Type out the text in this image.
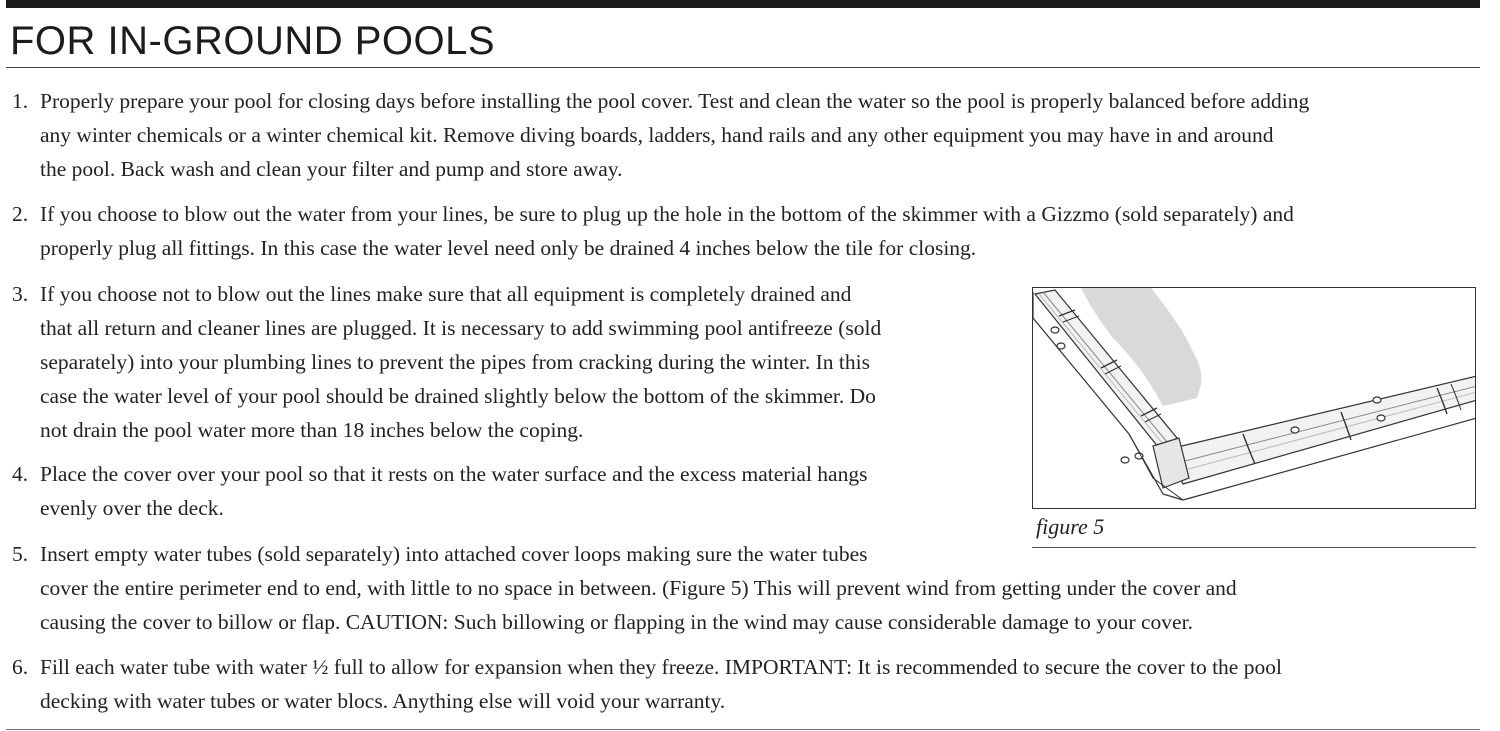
FOR IN-GROUND POOLS
1. Properly prepare your pool for closing days before installing the pool cover. Test and clean the water so the pool is properly balanced before adding
any winter chemicals or a winter chemical kit. Remove diving boards, ladders, hand rails and any other equipment you may have in and around
the pool. Back wash and clean your filter and pump and store away.
2. If you choose to blow out the water from your lines, be sure to plug up the hole in the bottom of the skimmer with a Gizzmo (sold separately) and
properly plug all fittings. In this case the water level need only be drained 4 inches below the tile for closing.
3. If you choose not to blow out the lines make sure that all equipment is completely drained and
that all return and cleaner lines are plugged. It is necessary to add swimming pool antifreeze (sold
separately) into your plumbing lines to prevent the pipes from cracking during the winter. In this
case the water level of your pool should be drained slightly below the bottom of the skimmer. Do
not drain the pool water more than 18 inches below the coping.
4. Place the cover over your pool so that it rests on the water surface and the excess material hangs
evenly over the deck.
5. Insert empty water tubes (sold separately) into attached cover loops making sure the water tubes
cover the entire perimeter end to end, with little to no space in between. (Figure 5) This will prevent wind from getting under the cover and
causing the cover to billow or flap. CAUTION: Such billowing or flapping in the wind may cause considerable damage to your cover.
6. Fill each water tube with water ½ full to allow for expansion when they freeze. IMPORTANT: It is recommended to secure the cover to the pool
decking with water tubes or water blocs. Anything else will void your warranty.
figure 5
